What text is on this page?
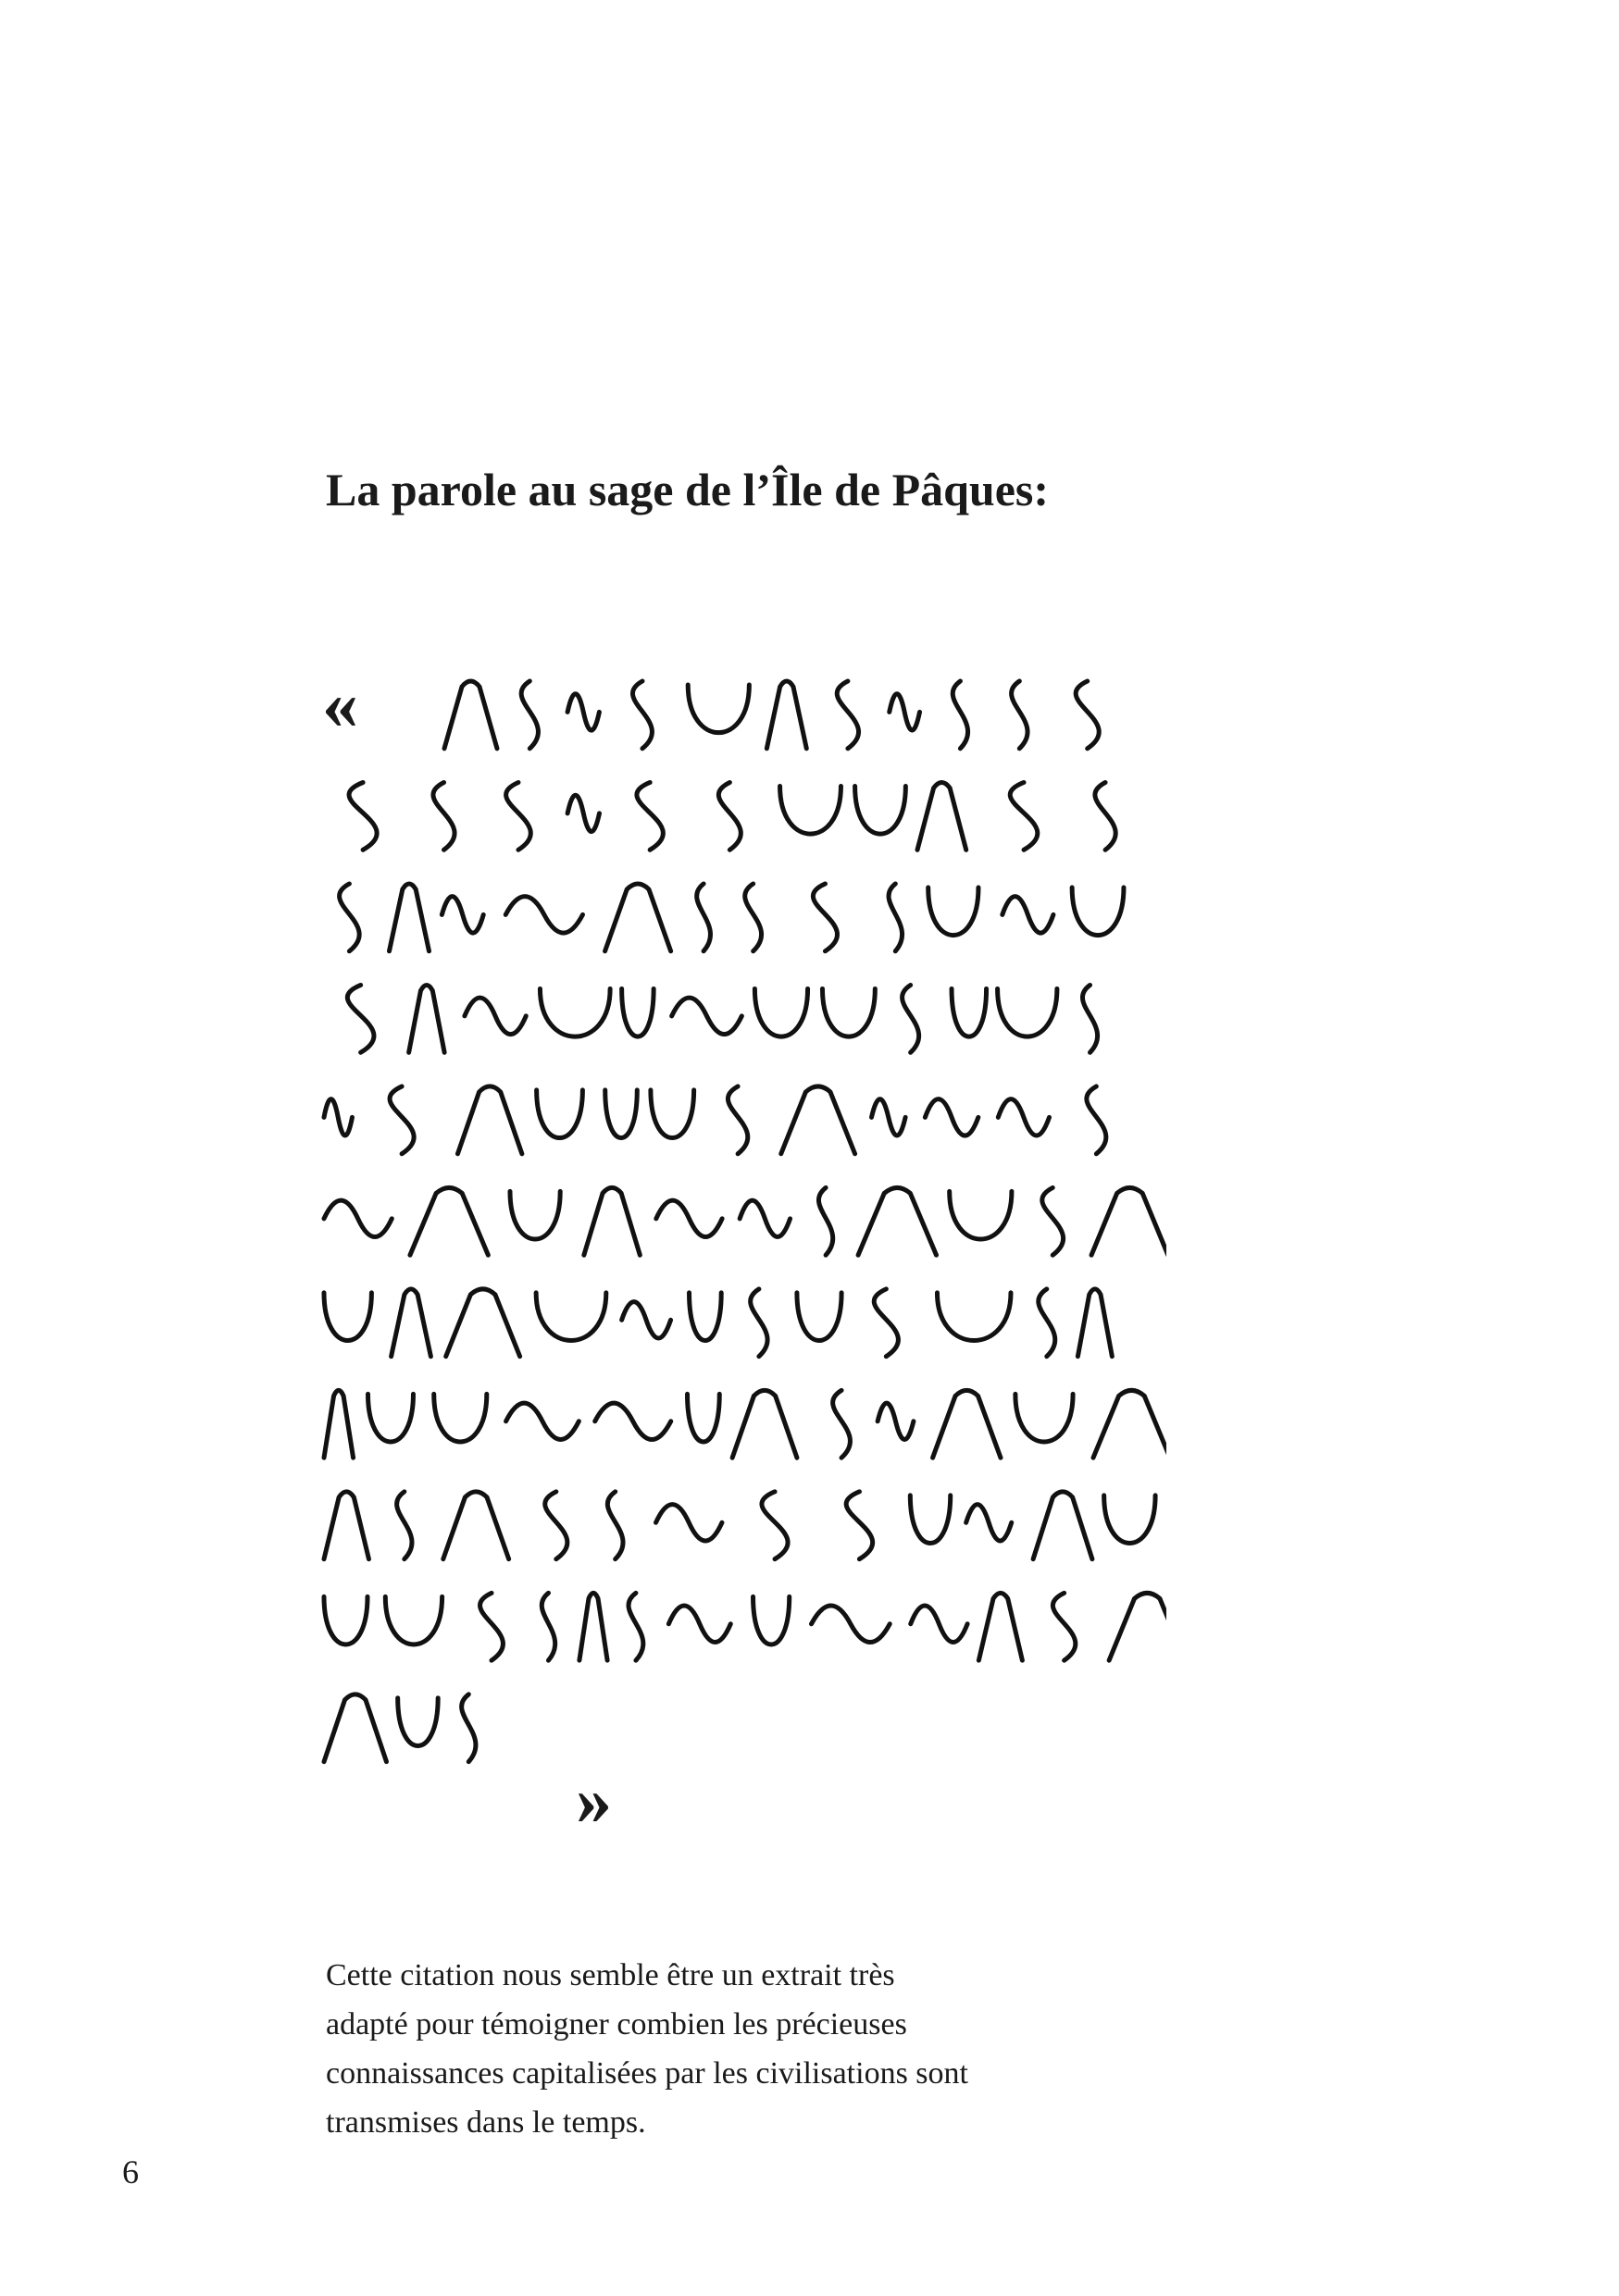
La parole au sage de l’Île de Pâques:
«
»

Cette citation nous semble être un extrait très
adapté pour témoigner combien les précieuses
connaissances capitalisées par les civilisations sont
transmises dans le temps.

6
